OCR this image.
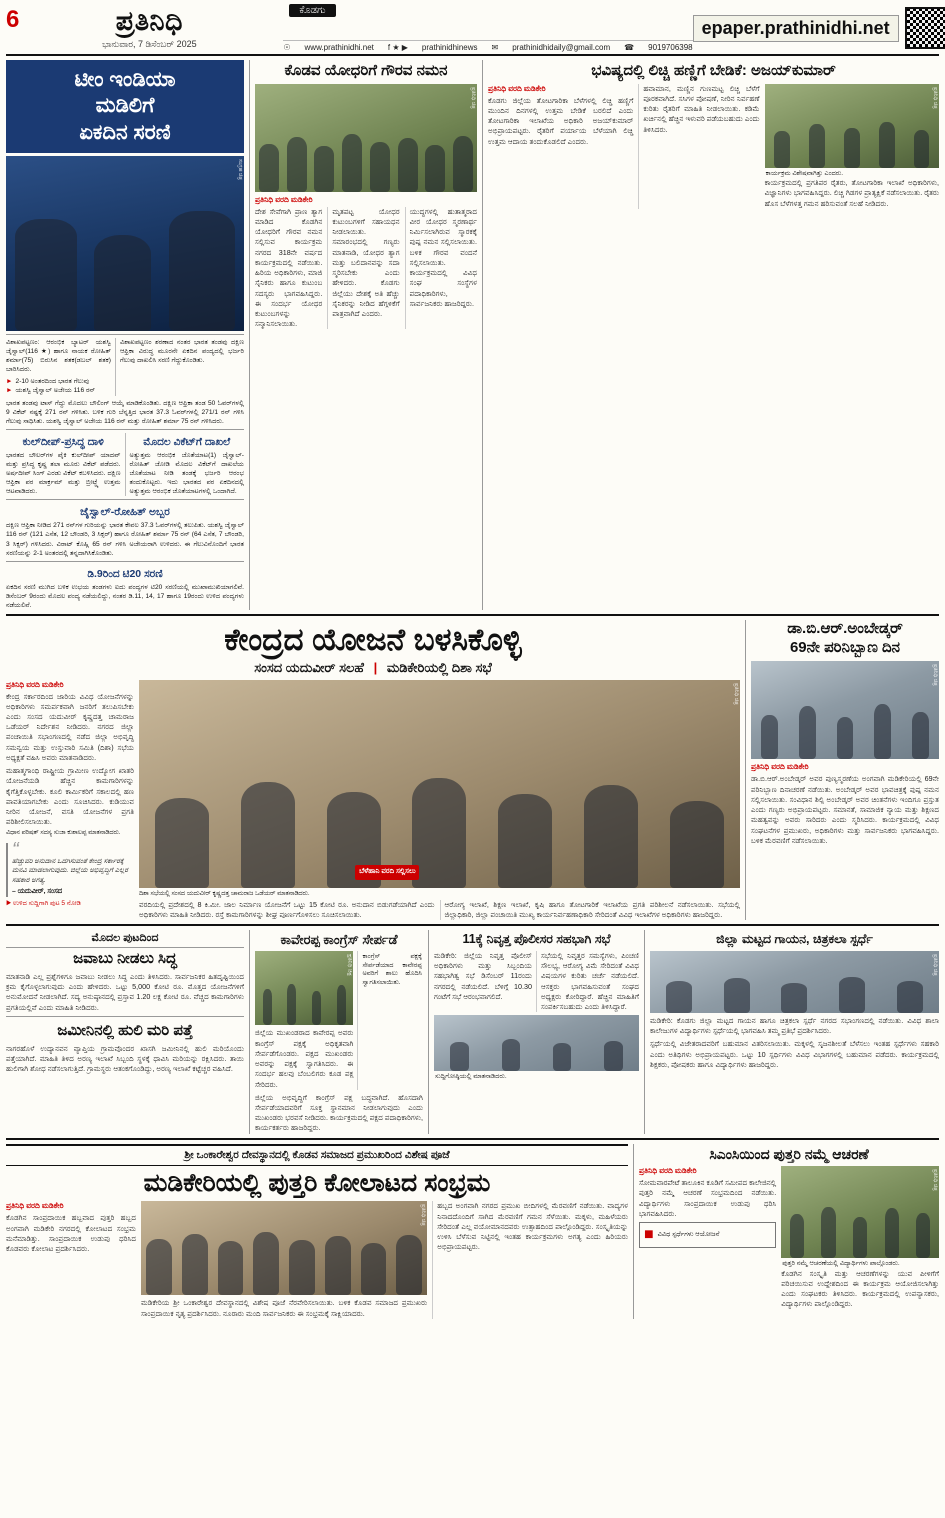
6	ಪ್ರತಿನಿಧಿ
ಭಾನುವಾರ, 7 ಡಿಸೆಂಬರ್ 2025
ಕೊಡಗು
☉ www.prathinidhi.net f ★ ▶ prathinidhinews ✉ prathinidhidaily@gmail.com ☎ 9019706398
epaper.prathinidhi.net
ಟೀಂ ಇಂಡಿಯಾ
ಮಡಿಲಿಗೆ
ಏಕದಿನ ಸರಣಿ
ಸಂಗ್ರಹ ಚಿತ್ರ
ವಿಶಾಖಪಟ್ಟಣಂ: ಆರಂಭಿಕ ಬ್ಯಾಟರ್ ಯಶಸ್ವಿ ಜೈಸ್ವಾಲ್(116 ★) ಹಾಗೂ ನಾಯಕ ರೋಹಿತ್ ಶರ್ಮಾ(75) ಬಿರುಸಿನ ಶತಕ(ಡಬಲ್ ಶತಕ) ಬಾರಿಸಿದರು.
► 2-10 ಅಂತರದಿಂದ ಭಾರತ ಗೆಲುವು
► ಯಶಸ್ವಿ ಜೈಸ್ವಾಲ್ ಅಜೇಯ 116 ರನ್
ವಿಶಾಖಪಟ್ಟಣಂ ಶರಣಾದ ನಂತರ ಭಾರತ ತಂಡವು ದಕ್ಷಿಣ ಆಫ್ರಿಕಾ ವಿರುದ್ಧ ಮೂರನೇ ಏಕದಿನ ಪಂದ್ಯದಲ್ಲಿ ಭರ್ಜರಿ ಗೆಲುವು ದಾಖಲಿಸಿ ಸರಣಿ ಗೆದ್ದುಕೊಂಡಿತು.
ಭಾರತ ತಂಡವು ಟಾಸ್ ಗೆದ್ದು ಮೊದಲು ಬೌಲಿಂಗ್ ಆಯ್ಕೆ ಮಾಡಿಕೊಂಡಿತು. ದಕ್ಷಿಣ ಆಫ್ರಿಕಾ ತಂಡ 50 ಓವರ್‌ಗಳಲ್ಲಿ 9 ವಿಕೆಟ್ ನಷ್ಟಕ್ಕೆ 271 ರನ್ ಗಳಿಸಿತು. ಬಳಿಕ ಗುರಿ ಬೆನ್ನತ್ತಿದ ಭಾರತ 37.3 ಓವರ್‌ಗಳಲ್ಲಿ 271/1 ರನ್ ಗಳಿಸಿ ಗೆಲುವು ಸಾಧಿಸಿತು. ಯಶಸ್ವಿ ಜೈಸ್ವಾಲ್ ಅಜೇಯ 116 ರನ್ ಮತ್ತು ರೋಹಿತ್ ಶರ್ಮಾ 75 ರನ್ ಗಳಿಸಿದರು.
ಕುಲ್‌ದೀಪ್-ಪ್ರಸಿದ್ಧ ದಾಳಿ
ಭಾರತದ ಬೌಲರ್‌ಗಳ ಪೈಕಿ ಕುಲ್‌ದೀಪ್ ಯಾದವ್ ಮತ್ತು ಪ್ರಸಿದ್ಧ ಕೃಷ್ಣ ತಲಾ ಮೂರು ವಿಕೆಟ್ ಪಡೆದರು. ಅರ್ಷದೀಪ್ ಸಿಂಗ್ ಎರಡು ವಿಕೆಟ್ ಕಬಳಿಸಿದರು. ದಕ್ಷಿಣ ಆಫ್ರಿಕಾ ಪರ ಮಾರ್ಕ್ರಮ್ ಮತ್ತು ಬ್ರೀಟ್ಜ್ಕೆ ಉತ್ತಮ ಆಟವಾಡಿದರು.
ಮೊದಲ ವಿಕೆಟ್‌ಗೆ ದಾಖಲೆ
ಅತ್ಯುತ್ತಮ ಆರಂಭಿಕ ಜೊತೆಯಾಟ(1) ಜೈಸ್ವಾಲ್-ರೋಹಿತ್ ಜೋಡಿ ಮೊದಲ ವಿಕೆಟ್‌ಗೆ ದಾಖಲೆಯ ಜೊತೆಯಾಟ ನೀಡಿ ತಂಡಕ್ಕೆ ಭರ್ಜರಿ ಆರಂಭ ತಂದುಕೊಟ್ಟರು. ಇದು ಭಾರತದ ಪರ ಏಕದಿನದಲ್ಲಿ ಅತ್ಯುತ್ತಮ ಆರಂಭಿಕ ಜೊತೆಯಾಟಗಳಲ್ಲಿ ಒಂದಾಗಿದೆ.
ಜೈಸ್ವಾಲ್-ರೋಹಿತ್ ಅಬ್ಬರ
ದಕ್ಷಿಣ ಆಫ್ರಿಕಾ ನೀಡಿದ 271 ರನ್‌ಗಳ ಗುರಿಯನ್ನು ಭಾರತ ಕೇವಲ 37.3 ಓವರ್‌ಗಳಲ್ಲಿ ತಲುಪಿತು. ಯಶಸ್ವಿ ಜೈಸ್ವಾಲ್ 116 ರನ್ (121 ಎಸೆತ, 12 ಬೌಂಡರಿ, 3 ಸಿಕ್ಸರ್) ಹಾಗೂ ರೋಹಿತ್ ಶರ್ಮಾ 75 ರನ್ (64 ಎಸೆತ, 7 ಬೌಂಡರಿ, 3 ಸಿಕ್ಸರ್) ಗಳಿಸಿದರು. ವಿರಾಟ್ ಕೊಹ್ಲಿ 65 ರನ್ ಗಳಿಸಿ ಅಜೇಯರಾಗಿ ಉಳಿದರು. ಈ ಗೆಲುವಿನೊಂದಿಗೆ ಭಾರತ ಸರಣಿಯನ್ನು 2-1 ಅಂತರದಲ್ಲಿ ತನ್ನದಾಗಿಸಿಕೊಂಡಿತು.
ಡಿ.9ರಿಂದ ಟಿ20 ಸರಣಿ
ಏಕದಿನ ಸರಣಿ ಮುಗಿದ ಬಳಿಕ ಉಭಯ ತಂಡಗಳು ಐದು ಪಂದ್ಯಗಳ ಟಿ20 ಸರಣಿಯಲ್ಲಿ ಮುಖಾಮುಖಿಯಾಗಲಿವೆ. ಡಿಸೆಂಬರ್ 9ರಂದು ಮೊದಲ ಪಂದ್ಯ ನಡೆಯಲಿದ್ದು, ನಂತರ ಡಿ.11, 14, 17 ಹಾಗೂ 19ರಂದು ಉಳಿದ ಪಂದ್ಯಗಳು ನಡೆಯಲಿವೆ.
ಕೊಡವ ಯೋಧರಿಗೆ ಗೌರವ ನಮನ
ಪ್ರತಿನಿಧಿ ಚಿತ್ರ
ಪ್ರತಿನಿಧಿ ವರದಿ ಮಡಿಕೇರಿ
ದೇಶ ಸೇವೆಗಾಗಿ ಪ್ರಾಣ ತ್ಯಾಗ ಮಾಡಿದ ಕೊಡಗಿನ ಯೋಧರಿಗೆ ಗೌರವ ನಮನ ಸಲ್ಲಿಸುವ ಕಾರ್ಯಕ್ರಮ ನಗರದ 318ನೇ ವರ್ಷದ ಕಾರ್ಯಕ್ರಮದಲ್ಲಿ ನಡೆಯಿತು. ಹಿರಿಯ ಅಧಿಕಾರಿಗಳು, ಮಾಜಿ ಸೈನಿಕರು ಹಾಗೂ ಕುಟುಂಬ ಸದಸ್ಯರು ಭಾಗವಹಿಸಿದ್ದರು. ಈ ಸಂದರ್ಭ ಯೋಧರ ಕುಟುಂಬಗಳನ್ನು ಸನ್ಮಾನಿಸಲಾಯಿತು.
ಮೃತಪಟ್ಟ ಯೋಧರ ಕುಟುಂಬಗಳಿಗೆ ಸಹಾಯಧನ ನೀಡಲಾಯಿತು. ಸಮಾರಂಭದಲ್ಲಿ ಗಣ್ಯರು ಮಾತನಾಡಿ, ಯೋಧರ ತ್ಯಾಗ ಮತ್ತು ಬಲಿದಾನವನ್ನು ಸದಾ ಸ್ಮರಿಸಬೇಕು ಎಂದು ಹೇಳಿದರು. ಕೊಡಗು ಜಿಲ್ಲೆಯು ದೇಶಕ್ಕೆ ಅತಿ ಹೆಚ್ಚು ಸೈನಿಕರನ್ನು ನೀಡಿದ ಹೆಗ್ಗಳಿಕೆಗೆ ಪಾತ್ರವಾಗಿದೆ ಎಂದರು.
ಯುದ್ಧಗಳಲ್ಲಿ ಹುತಾತ್ಮರಾದ ವೀರ ಯೋಧರ ಸ್ಮರಣಾರ್ಥ ನಿರ್ಮಿಸಲಾಗಿರುವ ಸ್ಮಾರಕಕ್ಕೆ ಪುಷ್ಪ ನಮನ ಸಲ್ಲಿಸಲಾಯಿತು. ಬಳಿಕ ಗೌರವ ವಂದನೆ ಸಲ್ಲಿಸಲಾಯಿತು. ಕಾರ್ಯಕ್ರಮದಲ್ಲಿ ವಿವಿಧ ಸಂಘ ಸಂಸ್ಥೆಗಳ ಪದಾಧಿಕಾರಿಗಳು, ಸಾರ್ವಜನಿಕರು ಹಾಜರಿದ್ದರು.
ಭವಿಷ್ಯದಲ್ಲಿ ಲಿಚ್ಚಿ ಹಣ್ಣಿಗೆ ಬೇಡಿಕೆ: ಅಜಯ್‌ಕುಮಾರ್
ಪ್ರತಿನಿಧಿ ವರದಿ ಮಡಿಕೇರಿ
ಕೊಡಗು ಜಿಲ್ಲೆಯ ತೋಟಗಾರಿಕಾ ಬೆಳೆಗಳಲ್ಲಿ ಲಿಚ್ಚಿ ಹಣ್ಣಿಗೆ ಮುಂದಿನ ದಿನಗಳಲ್ಲಿ ಉತ್ತಮ ಬೇಡಿಕೆ ಬರಲಿದೆ ಎಂದು ತೋಟಗಾರಿಕಾ ಇಲಾಖೆಯ ಅಧಿಕಾರಿ ಅಜಯ್‌ಕುಮಾರ್ ಅಭಿಪ್ರಾಯಪಟ್ಟರು. ರೈತರಿಗೆ ಪರ್ಯಾಯ ಬೆಳೆಯಾಗಿ ಲಿಚ್ಚಿ ಉತ್ತಮ ಆದಾಯ ತಂದುಕೊಡಲಿದೆ ಎಂದರು.
ಹವಾಮಾನ, ಮಣ್ಣಿನ ಗುಣಮಟ್ಟ ಲಿಚ್ಚಿ ಬೆಳೆಗೆ ಪೂರಕವಾಗಿದೆ. ಸಸಿಗಳ ಪೋಷಣೆ, ನೀರಿನ ನಿರ್ವಹಣೆ ಕುರಿತು ರೈತರಿಗೆ ಮಾಹಿತಿ ನೀಡಲಾಯಿತು. ಕಡಿಮೆ ಖರ್ಚಿನಲ್ಲಿ ಹೆಚ್ಚಿನ ಇಳುವರಿ ಪಡೆಯಬಹುದು ಎಂದು ತಿಳಿಸಿದರು.
ಪ್ರತಿನಿಧಿ ಚಿತ್ರ
ಕಾರ್ಯಕ್ರಮ ವಿಶೇಷವಾಗಿತ್ತು ಎಂದರು.
ಕಾರ್ಯಕ್ರಮದಲ್ಲಿ ಪ್ರಗತಿಪರ ರೈತರು, ತೋಟಗಾರಿಕಾ ಇಲಾಖೆ ಅಧಿಕಾರಿಗಳು, ವಿಜ್ಞಾನಿಗಳು ಭಾಗವಹಿಸಿದ್ದರು. ಲಿಚ್ಚಿ ಗಿಡಗಳ ಪ್ರಾತ್ಯಕ್ಷಿಕೆ ನಡೆಸಲಾಯಿತು. ರೈತರು ಹೊಸ ಬೆಳೆಗಳತ್ತ ಗಮನ ಹರಿಸುವಂತೆ ಸಲಹೆ ನೀಡಿದರು.
ಕೇಂದ್ರದ ಯೋಜನೆ ಬಳಸಿಕೊಳ್ಳಿ
ಸಂಸದ ಯದುವೀರ್ ಸಲಹೆ | ಮಡಿಕೇರಿಯಲ್ಲಿ ದಿಶಾ ಸಭೆ
ಪ್ರತಿನಿಧಿ ವರದಿ ಮಡಿಕೇರಿ
ಕೇಂದ್ರ ಸರ್ಕಾರದಿಂದ ಜಾರಿಯ ವಿವಿಧ ಯೋಜನೆಗಳನ್ನು ಅಧಿಕಾರಿಗಳು ಸಮರ್ಪಕವಾಗಿ ಜನರಿಗೆ ತಲುಪಿಸಬೇಕು ಎಂದು ಸಂಸದ ಯದುವೀರ್ ಕೃಷ್ಣದತ್ತ ಚಾಮರಾಜ ಒಡೆಯರ್ ನಿರ್ದೇಶನ ನೀಡಿದರು. ನಗರದ ಜಿಲ್ಲಾ ಪಂಚಾಯಿತಿ ಸಭಾಂಗಣದಲ್ಲಿ ನಡೆದ ಜಿಲ್ಲಾ ಅಭಿವೃದ್ಧಿ ಸಮನ್ವಯ ಮತ್ತು ಉಸ್ತುವಾರಿ ಸಮಿತಿ (ದಿಶಾ) ಸಭೆಯ ಅಧ್ಯಕ್ಷತೆ ವಹಿಸಿ ಅವರು ಮಾತನಾಡಿದರು.
ಮಹಾತ್ಮಗಾಂಧಿ ರಾಷ್ಟ್ರೀಯ ಗ್ರಾಮೀಣ ಉದ್ಯೋಗ ಖಾತರಿ ಯೋಜನೆಯಡಿ ಹೆಚ್ಚಿನ ಕಾಮಗಾರಿಗಳನ್ನು ಕೈಗೆತ್ತಿಕೊಳ್ಳಬೇಕು. ಕೂಲಿ ಕಾರ್ಮಿಕರಿಗೆ ಸಕಾಲದಲ್ಲಿ ಹಣ ಪಾವತಿಯಾಗಬೇಕು ಎಂದು ಸೂಚಿಸಿದರು. ಕುಡಿಯುವ ನೀರಿನ ಯೋಜನೆ, ವಸತಿ ಯೋಜನೆಗಳ ಪ್ರಗತಿ ಪರಿಶೀಲಿಸಲಾಯಿತು.
ವಿಧಾನ ಪರಿಷತ್ ಸದಸ್ಯ ಸುಜಾ ಕುಶಾಲಪ್ಪ ಮಾತನಾಡಿದರು.
“
ಹೆಚ್ಚುವರಿ ಅನುದಾನ ಒದಗಿಸುವಂತೆ ಕೇಂದ್ರ ಸರ್ಕಾರಕ್ಕೆ ಮನವಿ ಮಾಡಲಾಗುವುದು. ಜಿಲ್ಲೆಯ ಅಭಿವೃದ್ಧಿಗೆ ಎಲ್ಲರ ಸಹಕಾರ ಅಗತ್ಯ.
– ಯದುವೀರ್, ಸಂಸದ
▶ ಉಳಿದ ಸುದ್ದಿಗಾಗಿ ಪುಟ 5 ನೋಡಿ
ಪ್ರತಿನಿಧಿ ಚಿತ್ರ
ಬೆಳೆಹಾನಿ ವರದಿ ಸಲ್ಲಿಸಲು
ದಿಶಾ ಸಭೆಯಲ್ಲಿ ಸಂಸದ ಯದುವೀರ್ ಕೃಷ್ಣದತ್ತ ಚಾಮರಾಜ ಒಡೆಯರ್ ಮಾತನಾಡಿದರು.
ವರದಿಯಲ್ಲಿ ಪ್ರದೇಶದಲ್ಲಿ 8 ಕಿ.ಮೀ. ಜಾಲ ನಿರ್ಮಾಣ ಯೋಜನೆಗೆ ಒಟ್ಟು 15 ಕೋಟಿ ರೂ. ಅನುದಾನ ಬಿಡುಗಡೆಯಾಗಿದೆ ಎಂದು ಅಧಿಕಾರಿಗಳು ಮಾಹಿತಿ ನೀಡಿದರು. ರಸ್ತೆ ಕಾಮಗಾರಿಗಳನ್ನು ಶೀಘ್ರ ಪೂರ್ಣಗೊಳಿಸಲು ಸೂಚಿಸಲಾಯಿತು.
ಆರೋಗ್ಯ ಇಲಾಖೆ, ಶಿಕ್ಷಣ ಇಲಾಖೆ, ಕೃಷಿ ಹಾಗೂ ತೋಟಗಾರಿಕೆ ಇಲಾಖೆಯ ಪ್ರಗತಿ ಪರಿಶೀಲನೆ ನಡೆಸಲಾಯಿತು. ಸಭೆಯಲ್ಲಿ ಜಿಲ್ಲಾಧಿಕಾರಿ, ಜಿಲ್ಲಾ ಪಂಚಾಯಿತಿ ಮುಖ್ಯ ಕಾರ್ಯನಿರ್ವಹಣಾಧಿಕಾರಿ ಸೇರಿದಂತೆ ವಿವಿಧ ಇಲಾಖೆಗಳ ಅಧಿಕಾರಿಗಳು ಹಾಜರಿದ್ದರು.
ಡಾ.ಬಿ.ಆರ್.ಅಂಬೇಡ್ಕರ್
69ನೇ ಪರಿನಿಬ್ಬಾಣ ದಿನ
ಪ್ರತಿನಿಧಿ ಚಿತ್ರ
ಪ್ರತಿನಿಧಿ ವರದಿ ಮಡಿಕೇರಿ
ಡಾ.ಬಿ.ಆರ್.ಅಂಬೇಡ್ಕರ್ ಅವರ ಪುಣ್ಯಸ್ಮರಣೆಯ ಅಂಗವಾಗಿ ಮಡಿಕೇರಿಯಲ್ಲಿ 69ನೇ ಪರಿನಿಬ್ಬಾಣ ದಿನಾಚರಣೆ ನಡೆಯಿತು. ಅಂಬೇಡ್ಕರ್ ಅವರ ಭಾವಚಿತ್ರಕ್ಕೆ ಪುಷ್ಪ ನಮನ ಸಲ್ಲಿಸಲಾಯಿತು. ಸಂವಿಧಾನ ಶಿಲ್ಪಿ ಅಂಬೇಡ್ಕರ್ ಅವರ ಚಿಂತನೆಗಳು ಇಂದಿಗೂ ಪ್ರಸ್ತುತ ಎಂದು ಗಣ್ಯರು ಅಭಿಪ್ರಾಯಪಟ್ಟರು. ಸಮಾನತೆ, ಸಾಮಾಜಿಕ ನ್ಯಾಯ ಮತ್ತು ಶಿಕ್ಷಣದ ಮಹತ್ವವನ್ನು ಅವರು ಸಾರಿದರು ಎಂದು ಸ್ಮರಿಸಿದರು. ಕಾರ್ಯಕ್ರಮದಲ್ಲಿ ವಿವಿಧ ಸಂಘಟನೆಗಳ ಪ್ರಮುಖರು, ಅಧಿಕಾರಿಗಳು ಮತ್ತು ಸಾರ್ವಜನಿಕರು ಭಾಗವಹಿಸಿದ್ದರು. ಬಳಿಕ ಮೆರವಣಿಗೆ ನಡೆಸಲಾಯಿತು.
ಮೊದಲ ಪುಟದಿಂದ
ಜವಾಬು ನೀಡಲು ಸಿದ್ಧ
ಮಾತನಾಡಿ ಎಲ್ಲ ಪ್ರಶ್ನೆಗಳಿಗೂ ಜವಾಬು ನೀಡಲು ಸಿದ್ಧ ಎಂದು ತಿಳಿಸಿದರು. ಸಾರ್ವಜನಿಕರ ಹಿತದೃಷ್ಟಿಯಿಂದ ಕ್ರಮ ಕೈಗೊಳ್ಳಲಾಗುವುದು ಎಂದು ಹೇಳಿದರು. ಒಟ್ಟು 5,000 ಕೋಟಿ ರೂ. ಮೊತ್ತದ ಯೋಜನೆಗಳಿಗೆ ಅನುಮೋದನೆ ನೀಡಲಾಗಿದೆ. ಸದ್ಯ ಅನುಷ್ಠಾನದಲ್ಲಿ ಪ್ರಸ್ತಾವ 1.20 ಲಕ್ಷ ಕೋಟಿ ರೂ. ವೆಚ್ಚದ ಕಾಮಗಾರಿಗಳು ಪ್ರಗತಿಯಲ್ಲಿವೆ ಎಂದು ಮಾಹಿತಿ ನೀಡಿದರು.
ಜಮೀನಿನಲ್ಲಿ ಹುಲಿ ಮರಿ ಪತ್ತೆ
ನಾಗರಹೊಳೆ ಉದ್ಯಾನವನ ವ್ಯಾಪ್ತಿಯ ಗ್ರಾಮವೊಂದರ ಖಾಸಗಿ ಜಮೀನಿನಲ್ಲಿ ಹುಲಿ ಮರಿಯೊಂದು ಪತ್ತೆಯಾಗಿದೆ. ಮಾಹಿತಿ ತಿಳಿದ ಅರಣ್ಯ ಇಲಾಖೆ ಸಿಬ್ಬಂದಿ ಸ್ಥಳಕ್ಕೆ ಧಾವಿಸಿ ಮರಿಯನ್ನು ರಕ್ಷಿಸಿದರು. ತಾಯಿ ಹುಲಿಗಾಗಿ ಶೋಧ ನಡೆಸಲಾಗುತ್ತಿದೆ. ಗ್ರಾಮಸ್ಥರು ಆತಂಕಗೊಂಡಿದ್ದು, ಅರಣ್ಯ ಇಲಾಖೆ ಕಟ್ಟೆಚ್ಚರ ವಹಿಸಿದೆ.
ಕಾವೇರಪ್ಪ ಕಾಂಗ್ರೆಸ್ ಸೇರ್ಪಡೆ
ಪ್ರತಿನಿಧಿ ಚಿತ್ರ
ಜಿಲ್ಲೆಯ ಮುಖಂಡರಾದ ಕಾವೇರಪ್ಪ ಅವರು ಕಾಂಗ್ರೆಸ್ ಪಕ್ಷಕ್ಕೆ ಅಧಿಕೃತವಾಗಿ ಸೇರ್ಪಡೆಗೊಂಡರು. ಪಕ್ಷದ ಮುಖಂಡರು ಅವರನ್ನು ಪಕ್ಷಕ್ಕೆ ಸ್ವಾಗತಿಸಿದರು. ಈ ಸಂದರ್ಭ ಹಲವು ಬೆಂಬಲಿಗರು ಕೂಡ ಪಕ್ಷ ಸೇರಿದರು.
ಕಾಂಗ್ರೆಸ್ ಪಕ್ಷಕ್ಕೆ ಸೇರ್ಪಡೆಯಾದ ಕಾವೇರಪ್ಪ ಅವರಿಗೆ ಶಾಲು ಹೊದಿಸಿ ಸ್ವಾಗತಿಸಲಾಯಿತು.
ಜಿಲ್ಲೆಯ ಅಭಿವೃದ್ಧಿಗೆ ಕಾಂಗ್ರೆಸ್ ಪಕ್ಷ ಬದ್ಧವಾಗಿದೆ. ಹೊಸದಾಗಿ ಸೇರ್ಪಡೆಯಾದವರಿಗೆ ಸೂಕ್ತ ಸ್ಥಾನಮಾನ ನೀಡಲಾಗುವುದು ಎಂದು ಮುಖಂಡರು ಭರವಸೆ ನೀಡಿದರು. ಕಾರ್ಯಕ್ರಮದಲ್ಲಿ ಪಕ್ಷದ ಪದಾಧಿಕಾರಿಗಳು, ಕಾರ್ಯಕರ್ತರು ಹಾಜರಿದ್ದರು.
11ಕ್ಕೆ ನಿವೃತ್ತ ಪೊಲೀಸರ ಸಹಭಾಗಿ ಸಭೆ
ಮಡಿಕೇರಿ: ಜಿಲ್ಲೆಯ ನಿವೃತ್ತ ಪೊಲೀಸ್ ಅಧಿಕಾರಿಗಳು ಮತ್ತು ಸಿಬ್ಬಂದಿಯ ಸಹಭಾಗಿತ್ವ ಸಭೆ ಡಿಸೆಂಬರ್ 11ರಂದು ನಗರದಲ್ಲಿ ನಡೆಯಲಿದೆ. ಬೆಳಿಗ್ಗೆ 10.30 ಗಂಟೆಗೆ ಸಭೆ ಆರಂಭವಾಗಲಿದೆ.
ಸಭೆಯಲ್ಲಿ ನಿವೃತ್ತರ ಸಮಸ್ಯೆಗಳು, ಪಿಂಚಣಿ ಸೌಲಭ್ಯ, ಆರೋಗ್ಯ ವಿಮೆ ಸೇರಿದಂತೆ ವಿವಿಧ ವಿಷಯಗಳ ಕುರಿತು ಚರ್ಚೆ ನಡೆಯಲಿದೆ. ಆಸಕ್ತರು ಭಾಗವಹಿಸುವಂತೆ ಸಂಘದ ಅಧ್ಯಕ್ಷರು ಕೋರಿದ್ದಾರೆ. ಹೆಚ್ಚಿನ ಮಾಹಿತಿಗೆ ಸಂಪರ್ಕಿಸಬಹುದು ಎಂದು ತಿಳಿಸಿದ್ದಾರೆ.
ಸುದ್ದಿಗೋಷ್ಠಿಯಲ್ಲಿ ಮಾತನಾಡಿದರು.
ಜಿಲ್ಲಾ ಮಟ್ಟದ ಗಾಯನ, ಚಿತ್ರಕಲಾ ಸ್ಪರ್ಧೆ
ಪ್ರತಿನಿಧಿ ಚಿತ್ರ
ಮಡಿಕೇರಿ: ಕೊಡಗು ಜಿಲ್ಲಾ ಮಟ್ಟದ ಗಾಯನ ಹಾಗೂ ಚಿತ್ರಕಲಾ ಸ್ಪರ್ಧೆ ನಗರದ ಸಭಾಂಗಣದಲ್ಲಿ ನಡೆಯಿತು. ವಿವಿಧ ಶಾಲಾ ಕಾಲೇಜುಗಳ ವಿದ್ಯಾರ್ಥಿಗಳು ಸ್ಪರ್ಧೆಯಲ್ಲಿ ಭಾಗವಹಿಸಿ ತಮ್ಮ ಪ್ರತಿಭೆ ಪ್ರದರ್ಶಿಸಿದರು.
ಸ್ಪರ್ಧೆಯಲ್ಲಿ ವಿಜೇತರಾದವರಿಗೆ ಬಹುಮಾನ ವಿತರಿಸಲಾಯಿತು. ಮಕ್ಕಳಲ್ಲಿ ಸೃಜನಶೀಲತೆ ಬೆಳೆಸಲು ಇಂತಹ ಸ್ಪರ್ಧೆಗಳು ಸಹಕಾರಿ ಎಂದು ಅತಿಥಿಗಳು ಅಭಿಪ್ರಾಯಪಟ್ಟರು. ಒಟ್ಟು 10 ಸ್ಪರ್ಧಿಗಳು ವಿವಿಧ ವಿಭಾಗಗಳಲ್ಲಿ ಬಹುಮಾನ ಪಡೆದರು. ಕಾರ್ಯಕ್ರಮದಲ್ಲಿ ಶಿಕ್ಷಕರು, ಪೋಷಕರು ಹಾಗೂ ವಿದ್ಯಾರ್ಥಿಗಳು ಹಾಜರಿದ್ದರು.
ಶ್ರೀ ಒಂಕಾರೇಶ್ವರ ದೇವಸ್ಥಾನದಲ್ಲಿ ಕೊಡವ ಸಮಾಜದ ಪ್ರಮುಖರಿಂದ ವಿಶೇಷ ಪೂಜೆ
ಮಡಿಕೇರಿಯಲ್ಲಿ ಪುತ್ತರಿ ಕೋಲಾಟದ ಸಂಭ್ರಮ
ಪ್ರತಿನಿಧಿ ವರದಿ ಮಡಿಕೇರಿ
ಕೊಡಗಿನ ಸಾಂಪ್ರದಾಯಿಕ ಹಬ್ಬವಾದ ಪುತ್ತರಿ ಹಬ್ಬದ ಅಂಗವಾಗಿ ಮಡಿಕೇರಿ ನಗರದಲ್ಲಿ ಕೋಲಾಟದ ಸಂಭ್ರಮ ಮನೆಮಾಡಿತ್ತು. ಸಾಂಪ್ರದಾಯಿಕ ಉಡುಪು ಧರಿಸಿದ ಕೊಡವರು ಕೋಲಾಟ ಪ್ರದರ್ಶಿಸಿದರು.
ಪ್ರತಿನಿಧಿ ಚಿತ್ರ
ಮಡಿಕೇರಿಯ ಶ್ರೀ ಒಂಕಾರೇಶ್ವರ ದೇವಸ್ಥಾನದಲ್ಲಿ ವಿಶೇಷ ಪೂಜೆ ನೆರವೇರಿಸಲಾಯಿತು. ಬಳಿಕ ಕೊಡವ ಸಮಾಜದ ಪ್ರಮುಖರು ಸಾಂಪ್ರದಾಯಿಕ ನೃತ್ಯ ಪ್ರದರ್ಶಿಸಿದರು. ನೂರಾರು ಮಂದಿ ಸಾರ್ವಜನಿಕರು ಈ ಸಂಭ್ರಮಕ್ಕೆ ಸಾಕ್ಷಿಯಾದರು.
ಹಬ್ಬದ ಅಂಗವಾಗಿ ನಗರದ ಪ್ರಮುಖ ಬೀದಿಗಳಲ್ಲಿ ಮೆರವಣಿಗೆ ನಡೆಯಿತು. ವಾದ್ಯಗಳ ನಿನಾದದೊಂದಿಗೆ ಸಾಗಿದ ಮೆರವಣಿಗೆ ಗಮನ ಸೆಳೆಯಿತು. ಮಕ್ಕಳು, ಮಹಿಳೆಯರು ಸೇರಿದಂತೆ ಎಲ್ಲ ವಯೋಮಾನದವರು ಉತ್ಸಾಹದಿಂದ ಪಾಲ್ಗೊಂಡಿದ್ದರು. ಸಂಸ್ಕೃತಿಯನ್ನು ಉಳಿಸಿ ಬೆಳೆಸುವ ನಿಟ್ಟಿನಲ್ಲಿ ಇಂತಹ ಕಾರ್ಯಕ್ರಮಗಳು ಅಗತ್ಯ ಎಂದು ಹಿರಿಯರು ಅಭಿಪ್ರಾಯಪಟ್ಟರು.
ಸಿಎಂಸಿಯಿಂದ ಪುತ್ತರಿ ನಮ್ಮೆ ಆಚರಣೆ
ಪ್ರತಿನಿಧಿ ವರದಿ ಮಡಿಕೇರಿ
ಸೋಮವಾರಪೇಟೆ ತಾಲೂಕಿನ ಕೂಡಿಗೆ ಸಮೀಪದ ಕಾಲೇಜಿನಲ್ಲಿ ಪುತ್ತರಿ ನಮ್ಮೆ ಆಚರಣೆ ಸಂಭ್ರಮದಿಂದ ನಡೆಯಿತು. ವಿದ್ಯಾರ್ಥಿಗಳು ಸಾಂಪ್ರದಾಯಿಕ ಉಡುಪು ಧರಿಸಿ ಭಾಗವಹಿಸಿದರು.
■ ವಿವಿಧ ಸ್ಪರ್ಧೆಗಳು ಆಯೋಜನೆ
ಪ್ರತಿನಿಧಿ ಚಿತ್ರ
ಪುತ್ತರಿ ನಮ್ಮೆ ಆಚರಣೆಯಲ್ಲಿ ವಿದ್ಯಾರ್ಥಿಗಳು ಪಾಲ್ಗೊಂಡರು.
ಕೊಡಗಿನ ಸಂಸ್ಕೃತಿ ಮತ್ತು ಆಚರಣೆಗಳನ್ನು ಯುವ ಪೀಳಿಗೆಗೆ ಪರಿಚಯಿಸುವ ಉದ್ದೇಶದಿಂದ ಈ ಕಾರ್ಯಕ್ರಮ ಆಯೋಜಿಸಲಾಗಿತ್ತು ಎಂದು ಸಂಘಟಕರು ತಿಳಿಸಿದರು. ಕಾರ್ಯಕ್ರಮದಲ್ಲಿ ಉಪನ್ಯಾಸಕರು, ವಿದ್ಯಾರ್ಥಿಗಳು ಪಾಲ್ಗೊಂಡಿದ್ದರು.
